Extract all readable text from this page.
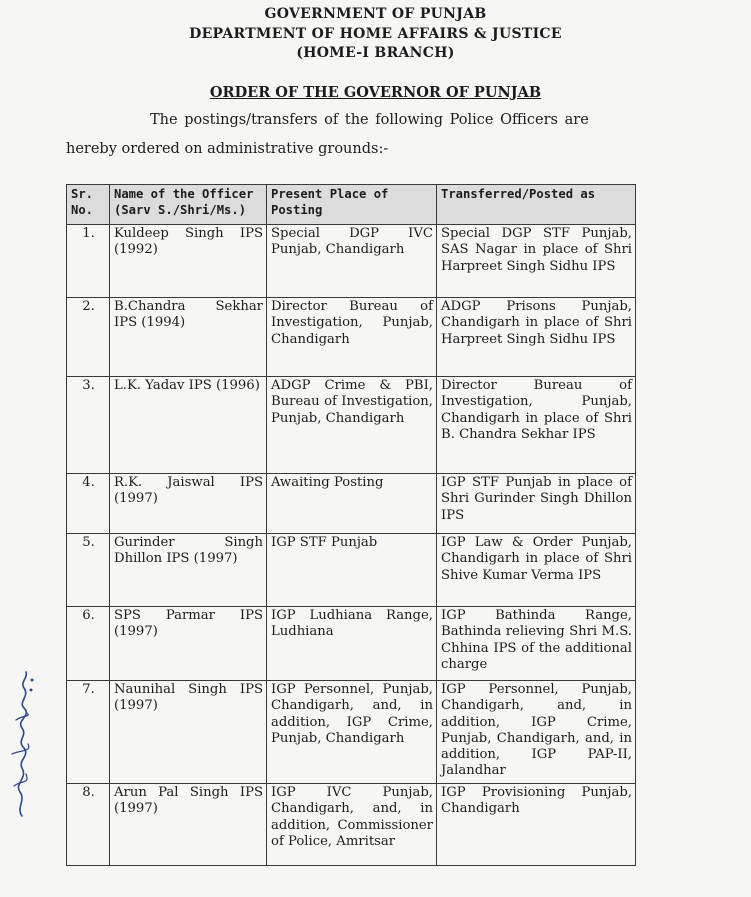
GOVERNMENT OF PUNJAB
DEPARTMENT OF HOME AFFAIRS & JUSTICE
(HOME-I BRANCH)
ORDER OF THE GOVERNOR OF PUNJAB
The postings/transfers of the following Police Officers are
hereby ordered on administrative grounds:-
Sr. No.	Name of the Officer (Sarv S./Shri/Ms.)	Present Place of Posting	Transferred/Posted as
1.	Kuldeep Singh IPS (1992)	Special DGP IVC Punjab, Chandigarh	Special DGP STF Punjab, SAS Nagar in place of Shri Harpreet Singh Sidhu IPS
2.	B.Chandra Sekhar IPS (1994)	Director Bureau of Investigation, Punjab, Chandigarh	ADGP Prisons Punjab, Chandigarh in place of Shri Harpreet Singh Sidhu IPS
3.	L.K. Yadav IPS (1996)	ADGP Crime & PBI, Bureau of Investigation, Punjab, Chandigarh	Director Bureau of Investigation, Punjab, Chandigarh in place of Shri B. Chandra Sekhar IPS
4.	R.K. Jaiswal IPS (1997)	Awaiting Posting	IGP STF Punjab in place of Shri Gurinder Singh Dhillon IPS
5.	Gurinder Singh Dhillon IPS (1997)	IGP STF Punjab	IGP Law & Order Punjab, Chandigarh in place of Shri Shive Kumar Verma IPS
6.	SPS Parmar IPS (1997)	IGP Ludhiana Range, Ludhiana	IGP Bathinda Range, Bathinda relieving Shri M.S. Chhina IPS of the additional charge
7.	Naunihal Singh IPS (1997)	IGP Personnel, Punjab, Chandigarh, and, in addition, IGP Crime, Punjab, Chandigarh	IGP Personnel, Punjab, Chandigarh, and, in addition, IGP Crime, Punjab, Chandigarh, and, in addition, IGP PAP-II, Jalandhar
8.	Arun Pal Singh IPS (1997)	IGP IVC Punjab, Chandigarh, and, in addition, Commissioner of Police, Amritsar	IGP Provisioning Punjab, Chandigarh
